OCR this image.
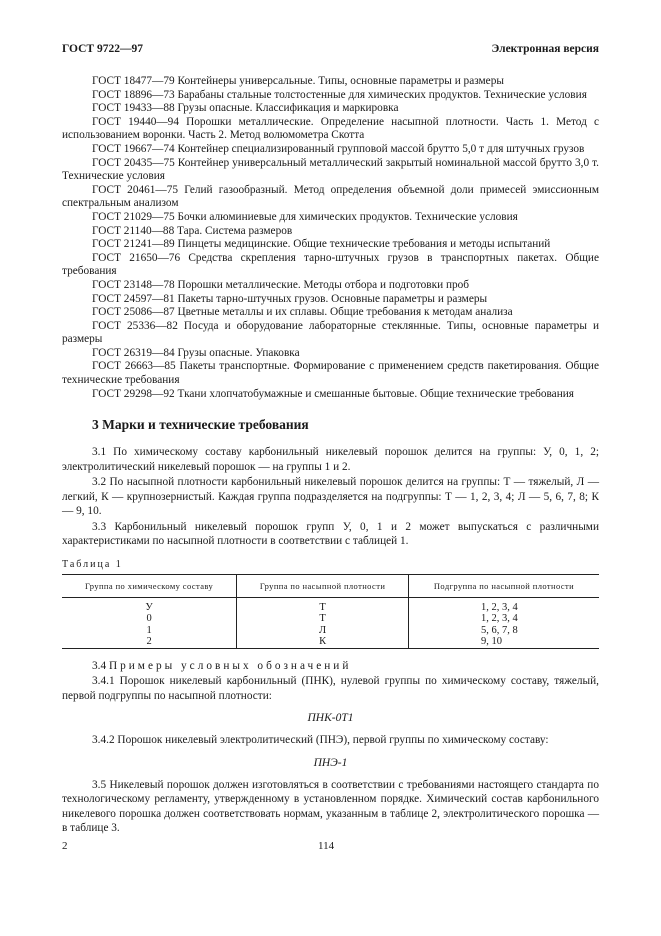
ГОСТ 9722—97	Электронная версия

ГОСТ 18477—79 Контейнеры универсальные. Типы, основные параметры и размеры

ГОСТ 18896—73 Барабаны стальные толстостенные для химических продуктов. Технические условия

ГОСТ 19433—88 Грузы опасные. Классификация и маркировка

ГОСТ 19440—94 Порошки металлические. Определение насыпной плотности. Часть 1. Метод с использованием воронки. Часть 2. Метод волюмометра Скотта

ГОСТ 19667—74 Контейнер специализированный групповой массой брутто 5,0 т для штучных грузов

ГОСТ 20435—75 Контейнер универсальный металлический закрытый номинальной массой брутто 3,0 т. Технические условия

ГОСТ 20461—75 Гелий газообразный. Метод определения объемной доли примесей эмиссионным спектральным анализом

ГОСТ 21029—75 Бочки алюминиевые для химических продуктов. Технические условия

ГОСТ 21140—88 Тара. Система размеров

ГОСТ 21241—89 Пинцеты медицинские. Общие технические требования и методы испытаний

ГОСТ 21650—76 Средства скрепления тарно-штучных грузов в транспортных пакетах. Общие требования

ГОСТ 23148—78 Порошки металлические. Методы отбора и подготовки проб

ГОСТ 24597—81 Пакеты тарно-штучных грузов. Основные параметры и размеры

ГОСТ 25086—87 Цветные металлы и их сплавы. Общие требования к методам анализа

ГОСТ 25336—82 Посуда и оборудование лабораторные стеклянные. Типы, основные параметры и размеры

ГОСТ 26319—84 Грузы опасные. Упаковка

ГОСТ 26663—85 Пакеты транспортные. Формирование с применением средств пакетирования. Общие технические требования

ГОСТ 29298—92 Ткани хлопчатобумажные и смешанные бытовые. Общие технические требования

3 Марки и технические требования

3.1 По химическому составу карбонильный никелевый порошок делится на группы: У, 0, 1, 2; электролитический никелевый порошок — на группы 1 и 2.

3.2 По насыпной плотности карбонильный никелевый порошок делится на группы: Т — тяжелый, Л — легкий, К — крупнозернистый. Каждая группа подразделяется на подгруппы: Т — 1, 2, 3, 4; Л — 5, 6, 7, 8; К — 9, 10.

3.3 Карбонильный никелевый порошок групп У, 0, 1 и 2 может выпускаться с различными характеристиками по насыпной плотности в соответствии с таблицей 1.

Таблица 1
Группа по химическому составу	Группа по насыпной плотности	Подгруппа по насыпной плотности
У	Т	1, 2, 3, 4
0	Т	1, 2, 3, 4
1	Л	5, 6, 7, 8
2	К	9, 10

3.4 Примеры условных обозначений

3.4.1 Порошок никелевый карбонильный (ПНК), нулевой группы по химическому составу, тяжелый, первой подгруппы по насыпной плотности:

ПНК-0Т1

3.4.2 Порошок никелевый электролитический (ПНЭ), первой группы по химическому составу:

ПНЭ-1

3.5 Никелевый порошок должен изготовляться в соответствии с требованиями настоящего стандарта по технологическому регламенту, утвержденному в установленном порядке. Химический состав карбонильного никелевого порошка должен соответствовать нормам, указанным в таблице 2, электролитического порошка — в таблице 3.

2	114
